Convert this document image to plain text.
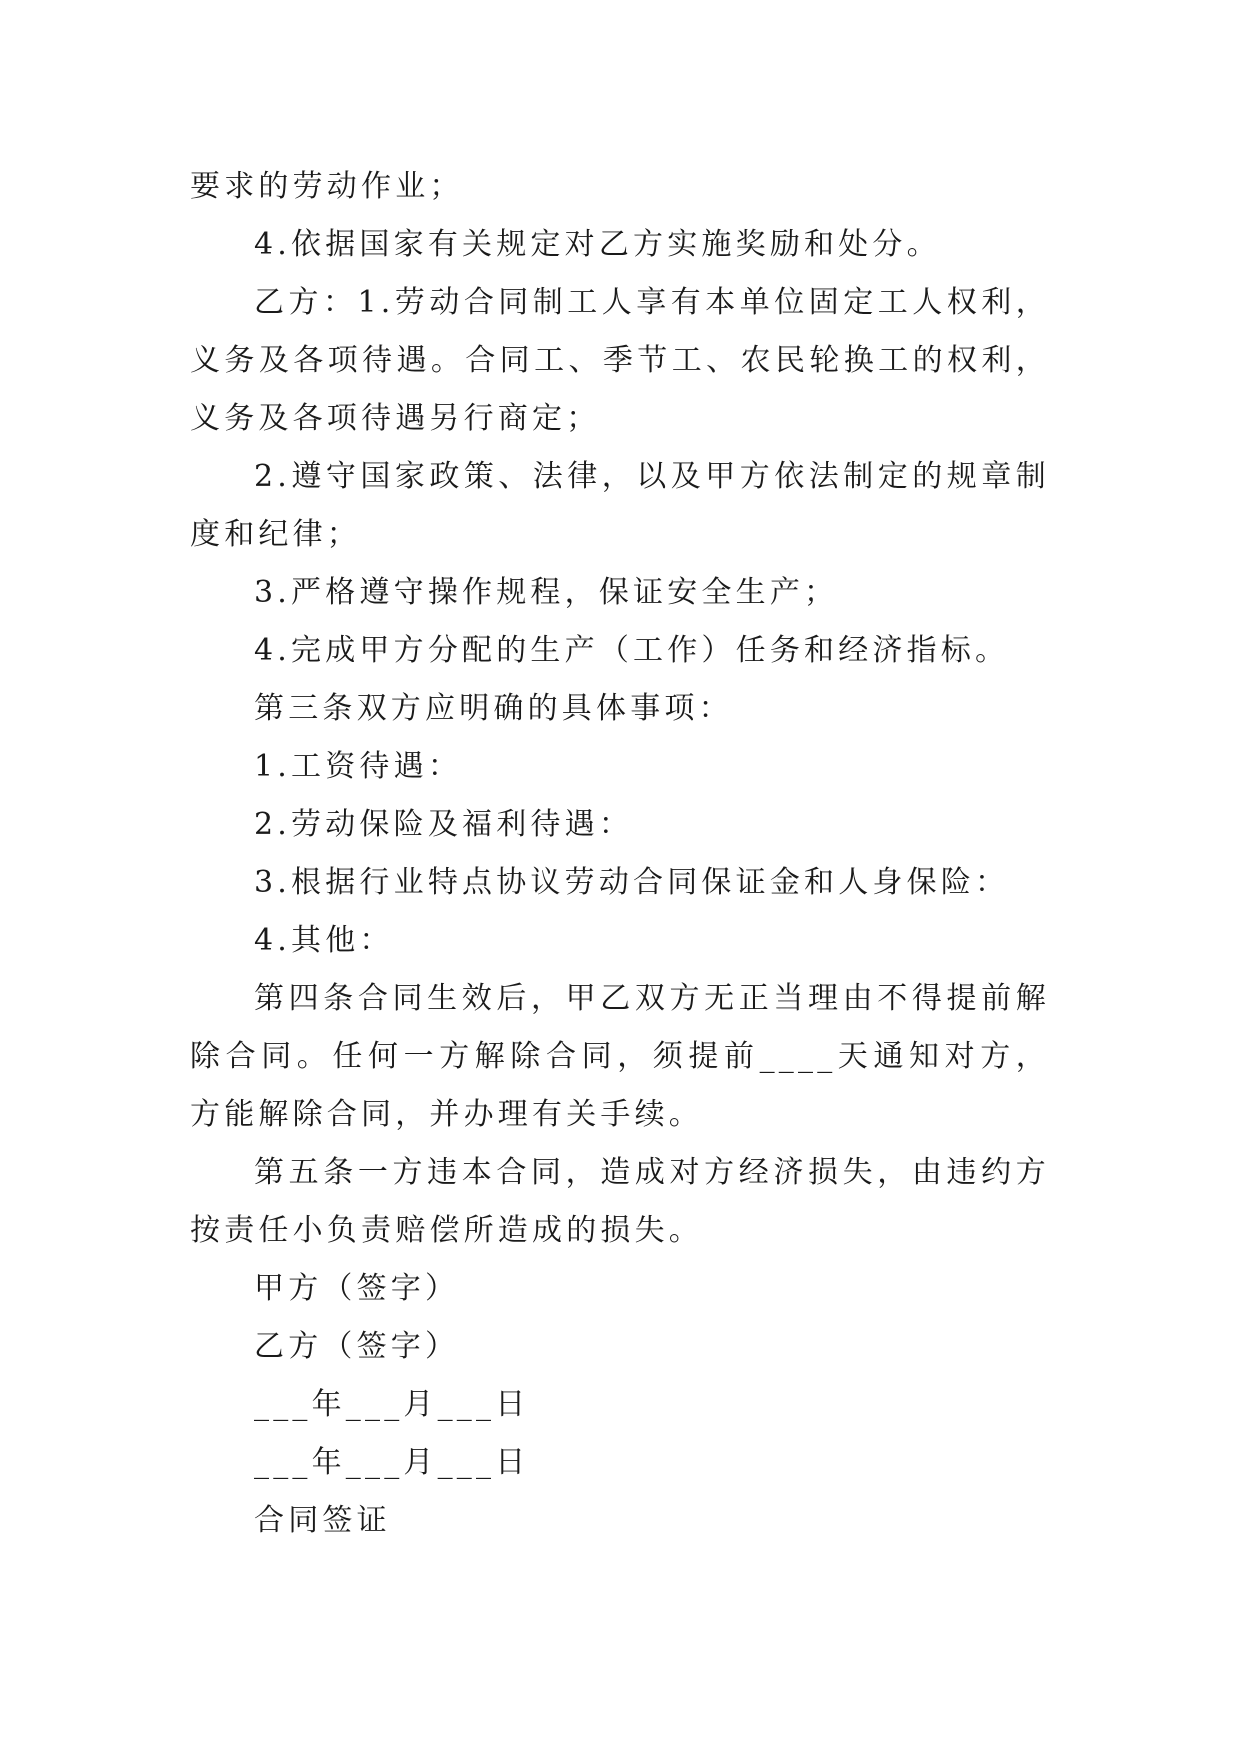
要求的劳动作业；

4.依据国家有关规定对乙方实施奖励和处分。

乙方：1.劳动合同制工人享有本单位固定工人权利，义务及各项待遇。合同工、季节工、农民轮换工的权利，义务及各项待遇另行商定；

2.遵守国家政策、法律，以及甲方依法制定的规章制度和纪律；

3.严格遵守操作规程，保证安全生产；

4.完成甲方分配的生产（工作）任务和经济指标。

第三条双方应明确的具体事项：

1.工资待遇：

2.劳动保险及福利待遇：

3.根据行业特点协议劳动合同保证金和人身保险：

4.其他：

第四条合同生效后，甲乙双方无正当理由不得提前解除合同。任何一方解除合同，须提前____天通知对方，方能解除合同，并办理有关手续。

第五条一方违本合同，造成对方经济损失，由违约方按责任小负责赔偿所造成的损失。

甲方（签字）

乙方（签字）

___年___月___日

___年___月___日

合同签证
